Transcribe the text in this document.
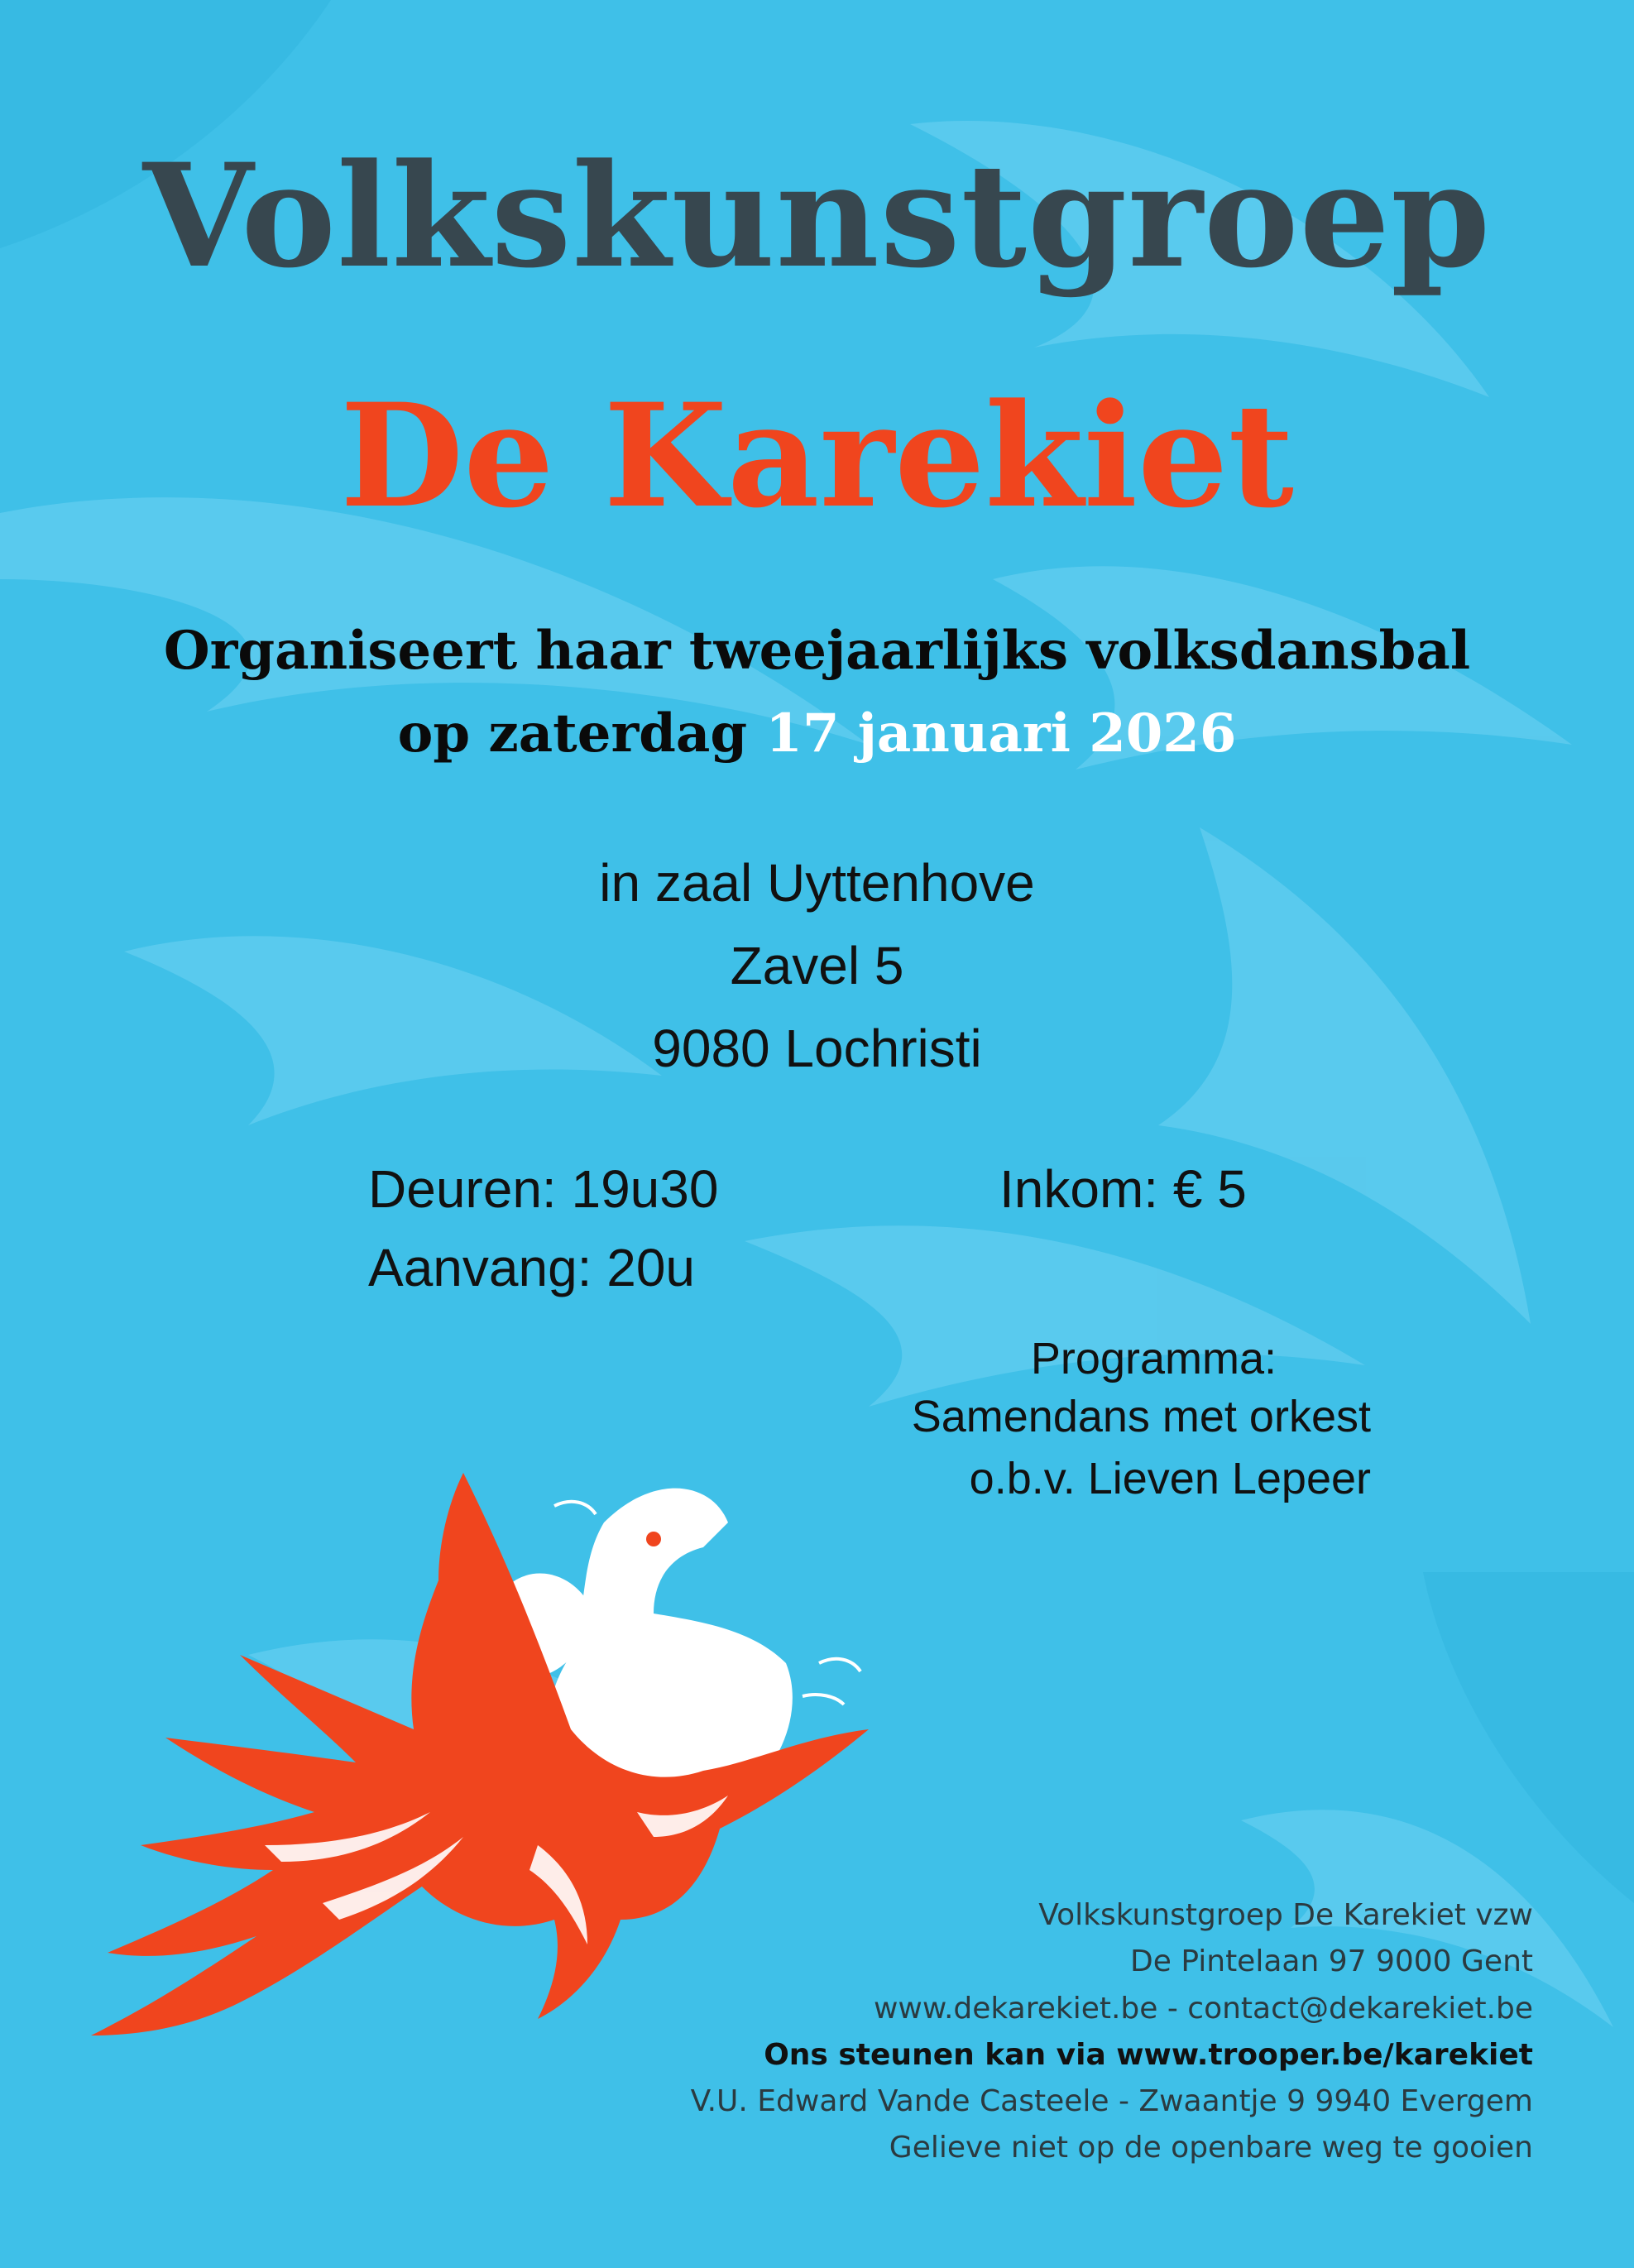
Volkskunstgroep
De Karekiet
Organiseert haar tweejaarlijks volksdansbal
op zaterdag 17 januari 2026
in zaal Uyttenhove
Zavel 5
9080 Lochristi
Deuren: 19u30
Aanvang: 20u
Inkom: € 5
Programma:
Samendans met orkest
o.b.v. Lieven Lepeer
Volkskunstgroep De Karekiet vzw
De Pintelaan 97 9000 Gent
www.dekarekiet.be - contact@dekarekiet.be
Ons steunen kan via www.trooper.be/karekiet
V.U. Edward Vande Casteele - Zwaantje 9 9940 Evergem
Gelieve niet op de openbare weg te gooien
